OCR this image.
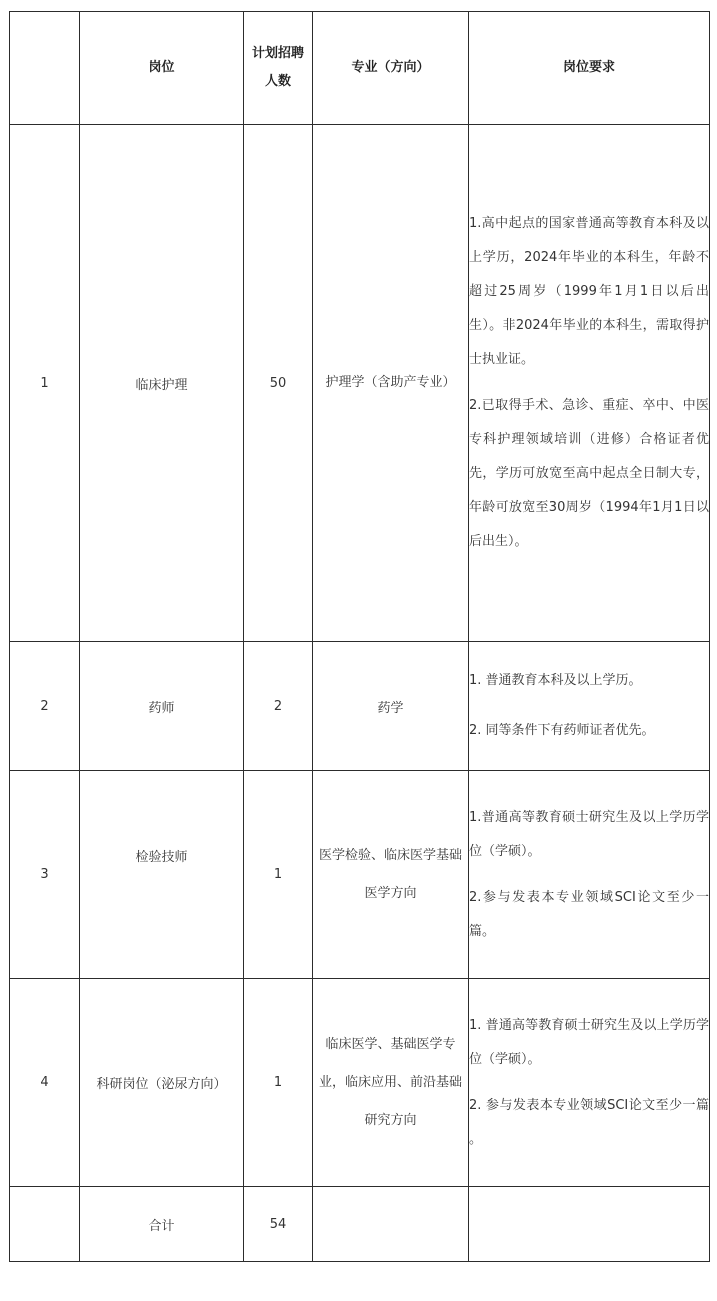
	岗位	计划招聘人数	专业（方向）	岗位要求
1	临床护理	50	护理学（含助产专业）	1.高中起点的国家普通高等教育本科及以上学历，2024年毕业的本科生，年龄不超过25周岁（1999年1月1日以后出生）。非2024年毕业的本科生，需取得护士执业证。

2.已取得手术、急诊、重症、卒中、中医专科护理领域培训（进修）合格证者优先，学历可放宽至高中起点全日制大专，年龄可放宽至30周岁（1994年1月1日以后出生）。

2	药师	2	药学	1. 普通教育本科及以上学历。

2. 同等条件下有药师证者优先。

3	检验技师	1	医学检验、临床医学基础医学方向	1.普通高等教育硕士研究生及以上学历学位（学硕）。

2.参与发表本专业领域SCI论文至少一篇。

4	科研岗位（泌尿方向）	1	临床医学、基础医学专业，临床应用、前沿基础研究方向	1. 普通高等教育硕士研究生及以上学历学位（学硕）。

2. 参与发表本专业领域SCI论文至少一篇 。

	合计	54		
